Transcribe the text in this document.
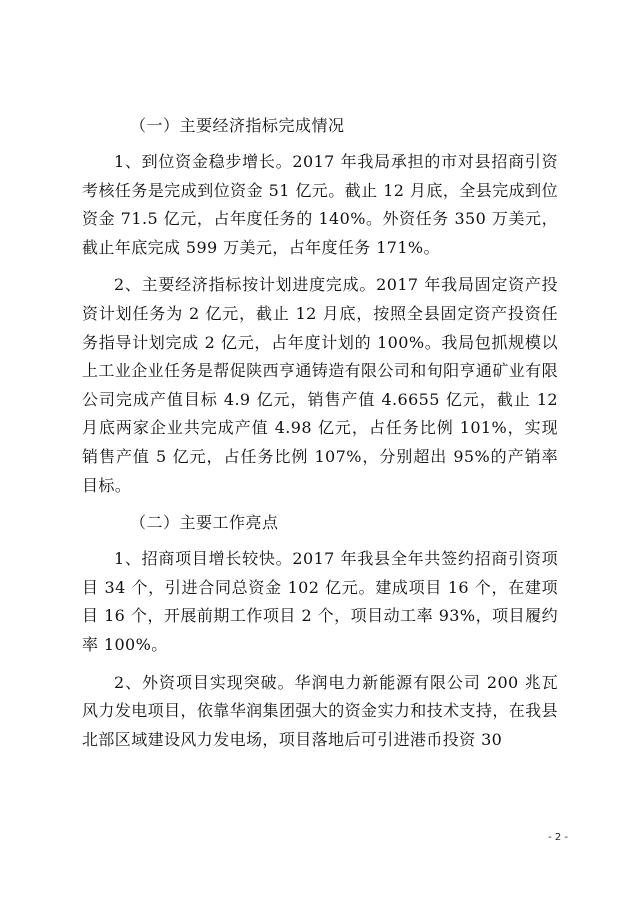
（一）主要经济指标完成情况

1、到位资金稳步增长。2017 年我局承担的市对县招商引资考核任务是完成到位资金 51 亿元。截止 12 月底，全县完成到位资金 71.5 亿元，占年度任务的 140%。外资任务 350 万美元，截止年底完成 599 万美元，占年度任务 171%。

2、主要经济指标按计划进度完成。2017 年我局固定资产投资计划任务为 2 亿元，截止 12 月底，按照全县固定资产投资任务指导计划完成 2 亿元，占年度计划的 100%。我局包抓规模以上工业企业任务是帮促陕西亨通铸造有限公司和旬阳亨通矿业有限公司完成产值目标 4.9 亿元，销售产值 4.6655 亿元，截止 12 月底两家企业共完成产值 4.98 亿元，占任务比例 101%，实现销售产值 5 亿元，占任务比例 107%，分别超出 95%的产销率目标。

（二）主要工作亮点

1、招商项目增长较快。2017 年我县全年共签约招商引资项目 34 个，引进合同总资金 102 亿元。建成项目 16 个，在建项目 16 个，开展前期工作项目 2 个，项目动工率 93%，项目履约率 100%。

2、外资项目实现突破。华润电力新能源有限公司 200 兆瓦风力发电项目，依靠华润集团强大的资金实力和技术支持，在我县北部区域建设风力发电场，项目落地后可引进港币投资 30

- 2 -
